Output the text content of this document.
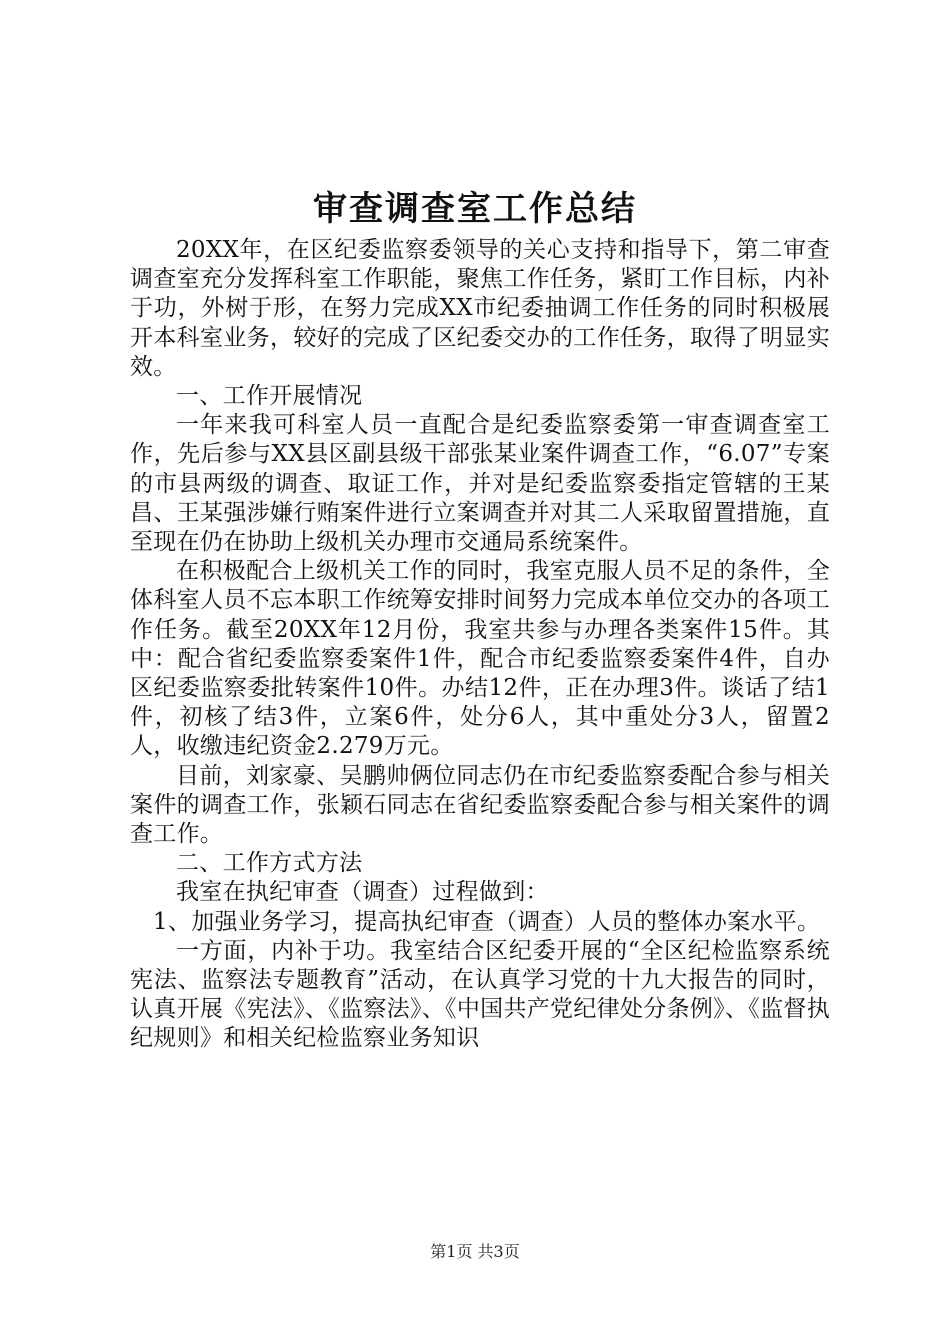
审查调查室工作总结

20XX年，在区纪委监察委领导的关心支持和指导下，第二审查调查室充分发挥科室工作职能，聚焦工作任务，紧盯工作目标，内补于功，外树于形，在努力完成XX市纪委抽调工作任务的同时积极展开本科室业务，较好的完成了区纪委交办的工作任务，取得了明显实效。

一、工作开展情况

一年来我可科室人员一直配合是纪委监察委第一审查调查室工作，先后参与XX县区副县级干部张某业案件调查工作，“6.07”专案的市县两级的调查、取证工作，并对是纪委监察委指定管辖的王某昌、王某强涉嫌行贿案件进行立案调查并对其二人采取留置措施，直至现在仍在协助上级机关办理市交通局系统案件。

在积极配合上级机关工作的同时，我室克服人员不足的条件，全体科室人员不忘本职工作统筹安排时间努力完成本单位交办的各项工作任务。截至20XX年12月份，我室共参与办理各类案件15件。其中：配合省纪委监察委案件1件，配合市纪委监察委案件4件，自办区纪委监察委批转案件10件。办结12件，正在办理3件。谈话了结1件，初核了结3件，立案6件，处分6人，其中重处分3人，留置2人，收缴违纪资金2.279万元。

目前，刘家豪、吴鹏帅俩位同志仍在市纪委监察委配合参与相关案件的调查工作，张颖石同志在省纪委监察委配合参与相关案件的调查工作。

二、工作方式方法

我室在执纪审查（调查）过程做到：

1、加强业务学习，提高执纪审查（调查）人员的整体办案水平。

一方面，内补于功。我室结合区纪委开展的“全区纪检监察系统宪法、监察法专题教育”活动，在认真学习党的十九大报告的同时，认真开展《宪法》、《监察法》、《中国共产党纪律处分条例》、《监督执纪规则》和相关纪检监察业务知识

第1页 共3页
